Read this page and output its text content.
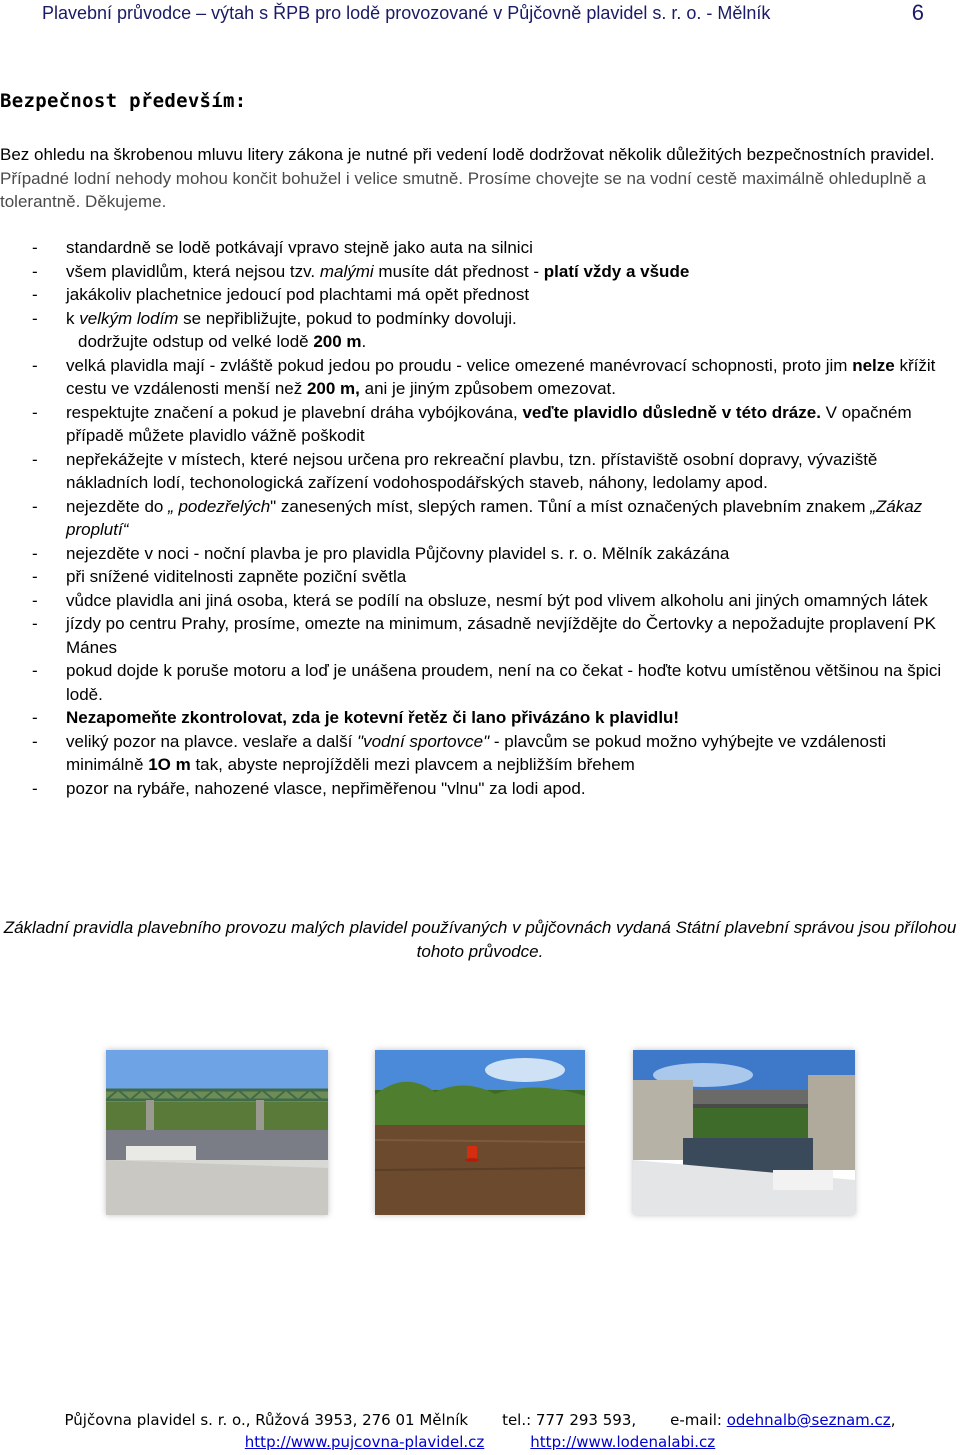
Plavební průvodce – výtah s ŘPB pro lodě provozované v Půjčovně plavidel s. r. o. - Mělník	6
Bezpečnost především:
Bez ohledu na škrobenou mluvu litery zákona je nutné při vedení lodě dodržovat několik důležitých bezpečnostních pravidel. Případné lodní nehody mohou končit bohužel i velice smutně. Prosíme chovejte se na vodní cestě maximálně ohleduplně a tolerantně. Děkujeme.
- standardně se lodě potkávají vpravo stejně jako auta na silnici
- všem plavidlům, která nejsou tzv. malými musíte dát přednost - platí vždy a všude
- jakákoliv plachetnice jedoucí pod plachtami má opět přednost
- k velkým lodím se nepřibližujte, pokud to podmínky dovoluji.
dodržujte odstup od velké lodě 200 m.
- velká plavidla mají - zvláště pokud jedou po proudu - velice omezené manévrovací schopnosti, proto jim nelze křížit cestu ve vzdálenosti menší než 200 m, ani je jiným způsobem omezovat.
- respektujte značení a pokud je plavební dráha vybójkována, veďte plavidlo důsledně v této dráze. V opačném případě můžete plavidlo vážně poškodit
- nepřekážejte v místech, které nejsou určena pro rekreační plavbu, tzn. přístaviště osobní dopravy, vývaziště nákladních lodí, techonologická zařízení vodohospodářských staveb, náhony, ledolamy apod.
- nejezděte do „ podezřelých" zanesených míst, slepých ramen. Tůní a míst označených plavebním znakem „Zákaz proplutí“
- nejezděte v noci - noční plavba je pro plavidla Půjčovny plavidel s. r. o. Mělník zakázána
- při snížené viditelnosti zapněte poziční světla
- vůdce plavidla ani jiná osoba, která se podílí na obsluze, nesmí být pod vlivem alkoholu ani jiných omamných látek
- jízdy po centru Prahy, prosíme, omezte na minimum, zásadně nevjíždějte do Čertovky a nepožadujte proplavení PK Mánes
- pokud dojde k poruše motoru a loď je unášena proudem, není na co čekat - hoďte kotvu umístěnou většinou na špici lodě.
- Nezapomeňte zkontrolovat, zda je kotevní řetěz či lano přivázáno k plavidlu!
- veliký pozor na plavce. veslaře a další "vodní sportovce" - plavcům se pokud možno vyhýbejte ve vzdálenosti minimálně 1O m tak, abyste neprojížděli mezi plavcem a nejbližším břehem
- pozor na rybáře, nahozené vlasce, nepřiměřenou "vlnu" za lodi apod.
Základní pravidla plavebního provozu malých plavidel používaných v půjčovnách vydaná Státní plavební správou jsou přílohou tohoto průvodce.
Půjčovna plavidel s. r. o., Růžová 3953, 276 01 Mělník tel.: 777 293 593, e-mail: odehnalb@seznam.cz,
http://www.pujcovna-plavidel.cz	http://www.lodenalabi.cz
